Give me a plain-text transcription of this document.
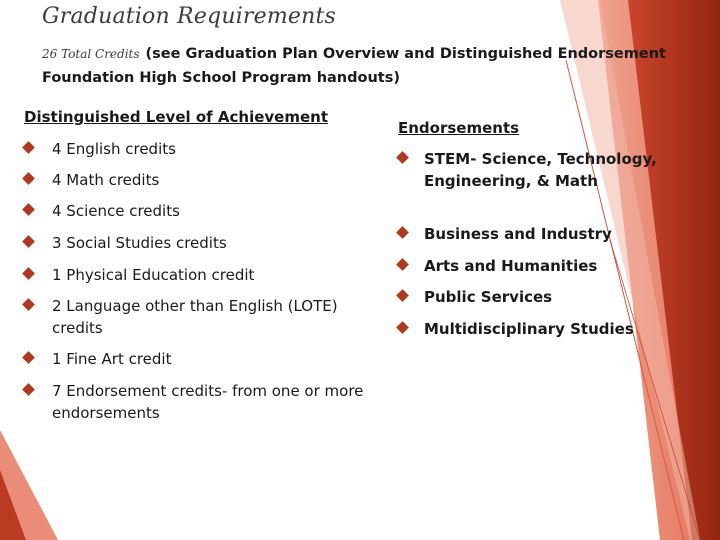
Graduation Requirements
26 Total Credits (see Graduation Plan Overview and Distinguished Endorsement Foundation High School Program handouts)
Distinguished Level of Achievement
Endorsements
4 English credits
4 Math credits
4 Science credits
3 Social Studies credits
1 Physical Education credit
2 Language other than English (LOTE) credits
1 Fine Art credit
7 Endorsement credits- from one or more endorsements
STEM- Science, Technology, Engineering, & Math
Business and Industry
Arts and Humanities
Public Services
Multidisciplinary Studies
